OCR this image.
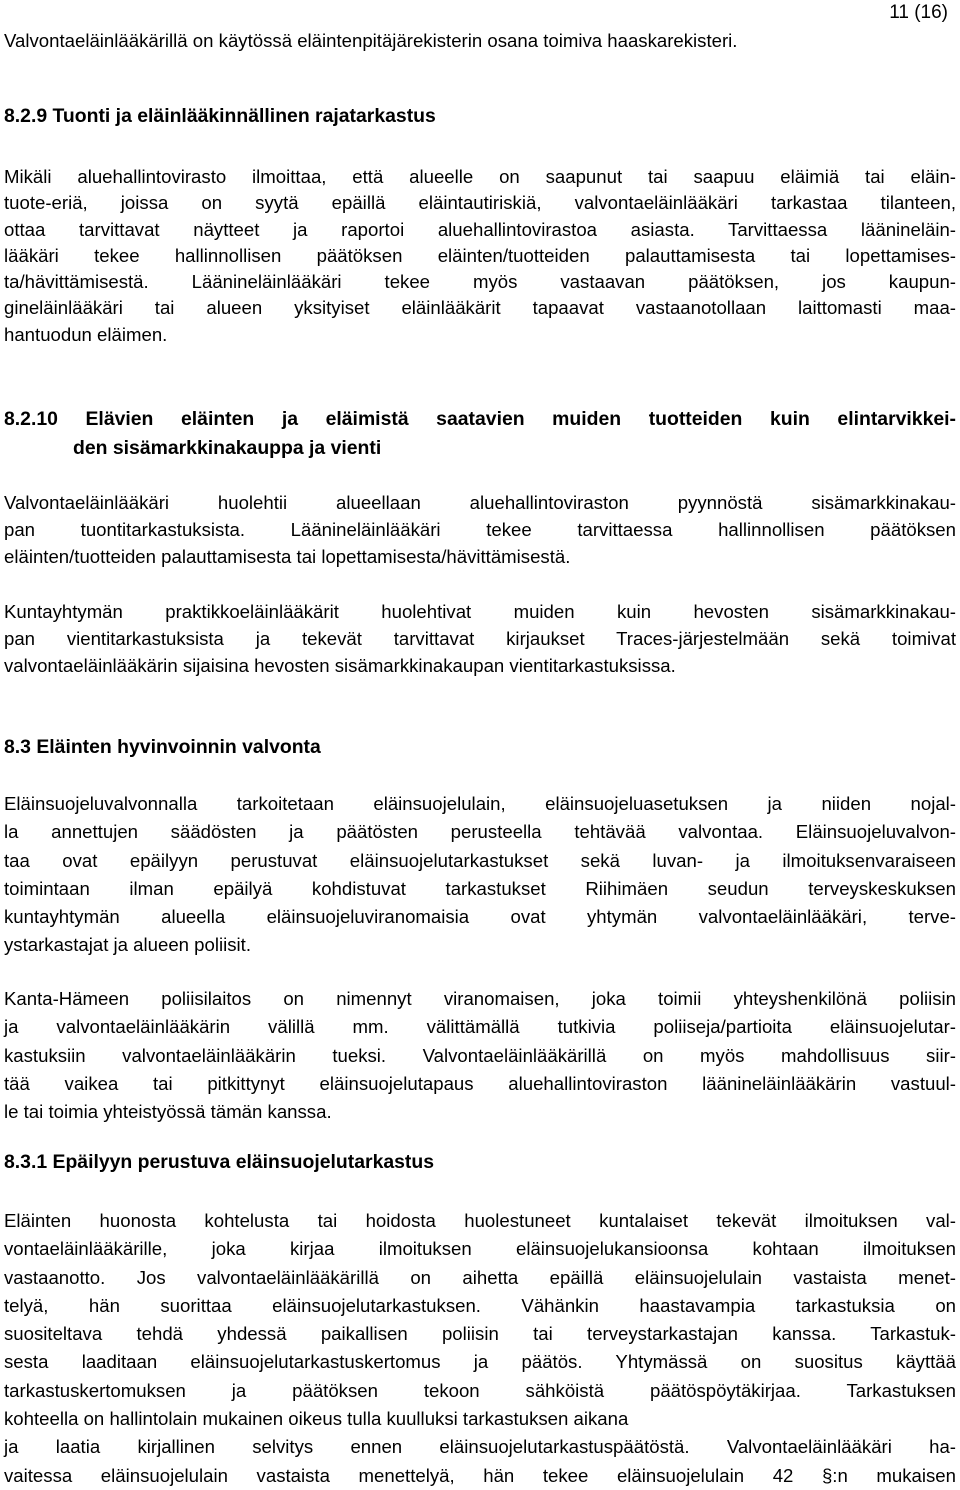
11 (16)

Valvontaeläinlääkärillä on käytössä eläintenpitäjärekisterin osana toimiva haaskarekisteri.

8.2.9 Tuonti ja eläinlääkinnällinen rajatarkastus

Mikäli aluehallintovirasto ilmoittaa, että alueelle on saapunut tai saapuu eläimiä tai eläin-
tuote-eriä, joissa on syytä epäillä eläintautiriskiä, valvontaeläinlääkäri tarkastaa tilanteen,
ottaa tarvittavat näytteet ja raportoi aluehallintovirastoa asiasta. Tarvittaessa läänineläin-
lääkäri tekee hallinnollisen päätöksen eläinten/tuotteiden palauttamisesta tai lopettamises-
ta/hävittämisestä. Läänineläinlääkäri tekee myös vastaavan päätöksen, jos kaupun-
gineläinlääkäri tai alueen yksityiset eläinlääkärit tapaavat vastaanotollaan laittomasti maa-
hantuodun eläimen.

8.2.10 Elävien eläinten ja eläimistä saatavien muiden tuotteiden kuin elintarvikkei-
den sisämarkkinakauppa ja vienti

Valvontaeläinlääkäri huolehtii alueellaan aluehallintoviraston pyynnöstä sisämarkkinakau-
pan tuontitarkastuksista. Läänineläinlääkäri tekee tarvittaessa hallinnollisen päätöksen
eläinten/tuotteiden palauttamisesta tai lopettamisesta/hävittämisestä.

Kuntayhtymän praktikkoeläinlääkärit huolehtivat muiden kuin hevosten sisämarkkinakau-
pan vientitarkastuksista ja tekevät tarvittavat kirjaukset Traces-järjestelmään sekä toimivat
valvontaeläinlääkärin sijaisina hevosten sisämarkkinakaupan vientitarkastuksissa.

8.3 Eläinten hyvinvoinnin valvonta

Eläinsuojeluvalvonnalla tarkoitetaan eläinsuojelulain, eläinsuojeluasetuksen ja niiden nojal-
la annettujen säädösten ja päätösten perusteella tehtävää valvontaa. Eläinsuojeluvalvon-
taa ovat epäilyyn perustuvat eläinsuojelutarkastukset sekä luvan- ja ilmoituksenvaraiseen
toimintaan ilman epäilyä kohdistuvat tarkastukset Riihimäen seudun terveyskeskuksen
kuntayhtymän alueella eläinsuojeluviranomaisia ovat yhtymän valvontaeläinlääkäri, terve-
ystarkastajat ja alueen poliisit.

Kanta-Hämeen poliisilaitos on nimennyt viranomaisen, joka toimii yhteyshenkilönä poliisin
ja valvontaeläinlääkärin välillä mm. välittämällä tutkivia poliiseja/partioita eläinsuojelutar-
kastuksiin valvontaeläinlääkärin tueksi. Valvontaeläinlääkärillä on myös mahdollisuus siir-
tää vaikea tai pitkittynyt eläinsuojelutapaus aluehallintoviraston läänineläinlääkärin vastuul-
le tai toimia yhteistyössä tämän kanssa.

8.3.1 Epäilyyn perustuva eläinsuojelutarkastus

Eläinten huonosta kohtelusta tai hoidosta huolestuneet kuntalaiset tekevät ilmoituksen val-
vontaeläinlääkärille, joka kirjaa ilmoituksen eläinsuojelukansioonsa kohtaan ilmoituksen
vastaanotto. Jos valvontaeläinlääkärillä on aihetta epäillä eläinsuojelulain vastaista menet-
telyä, hän suorittaa eläinsuojelutarkastuksen. Vähänkin haastavampia tarkastuksia on
suositeltava tehdä yhdessä paikallisen poliisin tai terveystarkastajan kanssa. Tarkastuk-
sesta laaditaan eläinsuojelutarkastuskertomus ja päätös. Yhtymässä on suositus käyttää
tarkastuskertomuksen ja päätöksen tekoon sähköistä päätöspöytäkirjaa. Tarkastuksen
kohteella on hallintolain mukainen oikeus tulla kuulluksi tarkastuksen aikana
ja laatia kirjallinen selvitys ennen eläinsuojelutarkastuspäätöstä. Valvontaeläinlääkäri ha-
vaitessa eläinsuojelulain vastaista menettelyä, hän tekee eläinsuojelulain 42 §:n mukaisen
